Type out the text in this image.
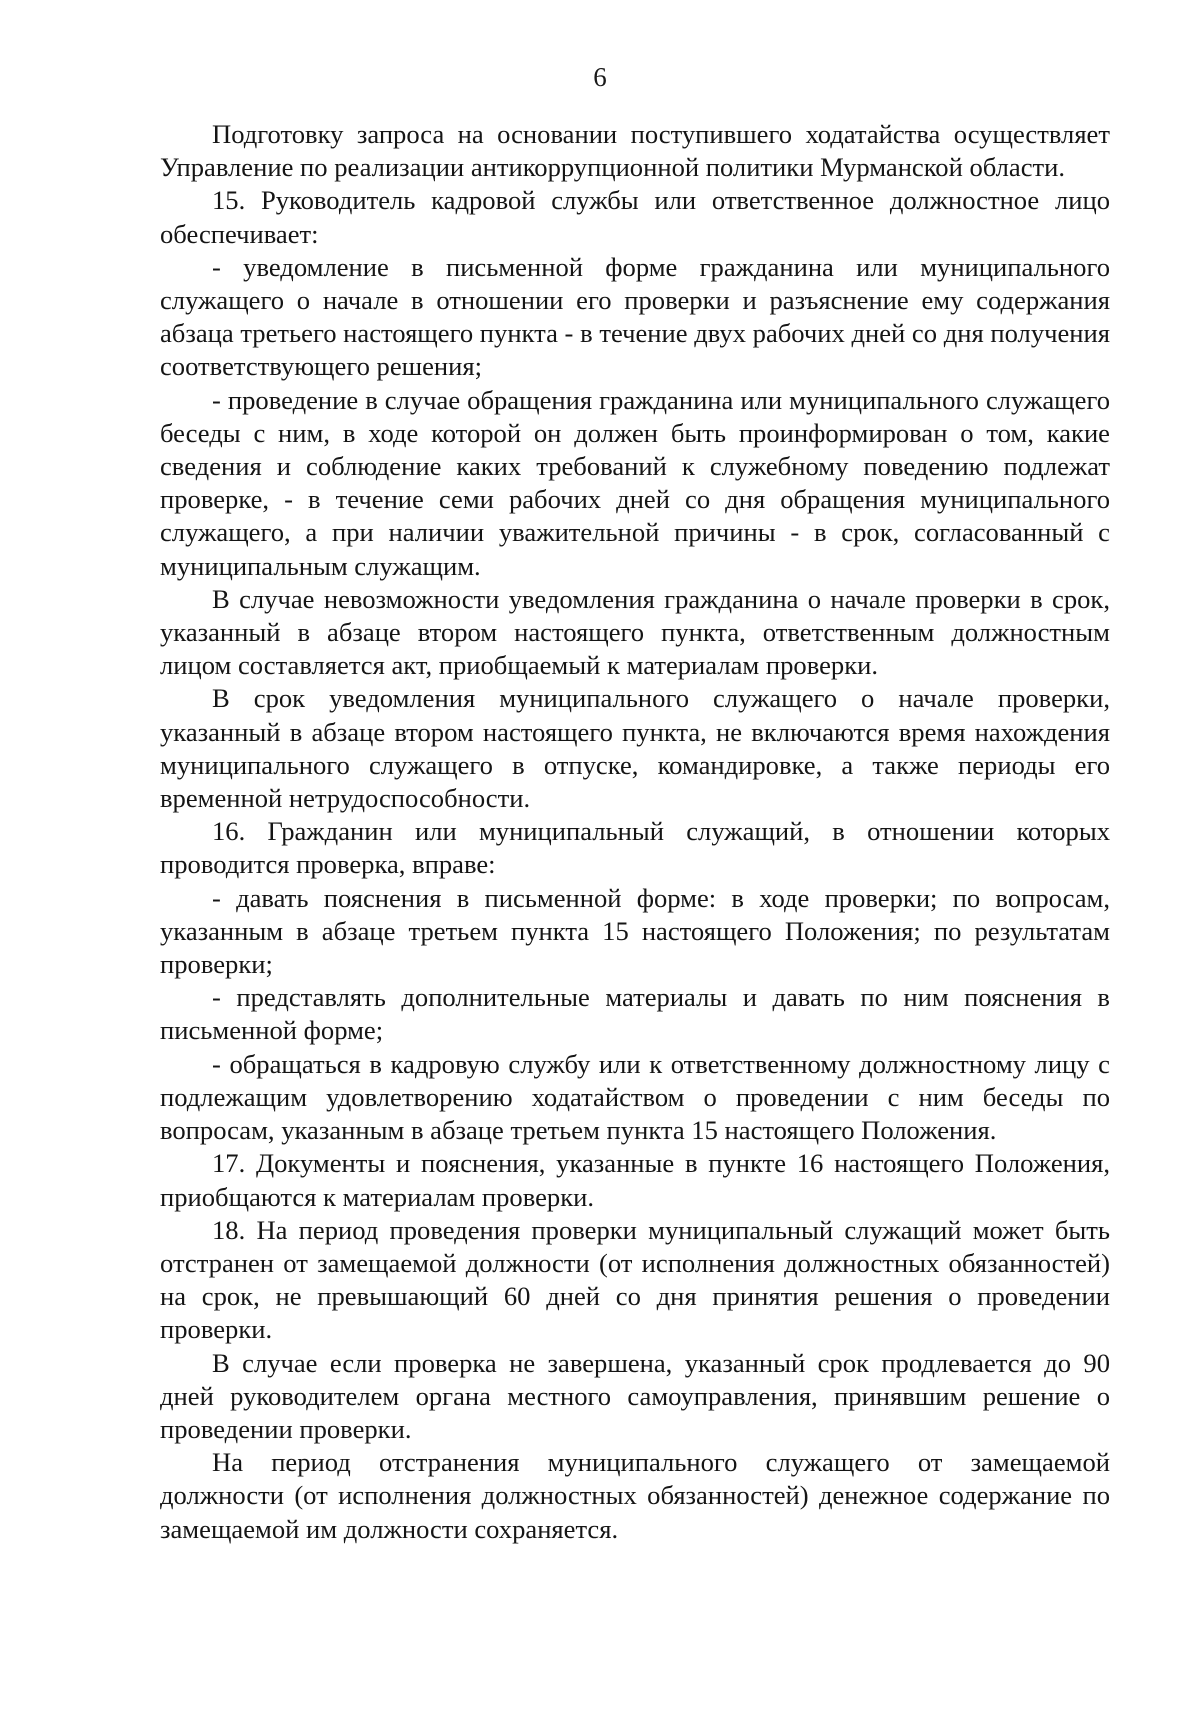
6

Подготовку запроса на основании поступившего ходатайства осуществляет Управление по реализации антикоррупционной политики Мурманской области.

15. Руководитель кадровой службы или ответственное должностное лицо обеспечивает:

- уведомление в письменной форме гражданина или муниципального служащего о начале в отношении его проверки и разъяснение ему содержания абзаца третьего настоящего пункта - в течение двух рабочих дней со дня получения соответствующего решения;

- проведение в случае обращения гражданина или муниципального служащего беседы с ним, в ходе которой он должен быть проинформирован о том, какие сведения и соблюдение каких требований к служебному поведению подлежат проверке, - в течение семи рабочих дней со дня обращения муниципального служащего, а при наличии уважительной причины - в срок, согласованный с муниципальным служащим.

В случае невозможности уведомления гражданина о начале проверки в срок, указанный в абзаце втором настоящего пункта, ответственным должностным лицом составляется акт, приобщаемый к материалам проверки.

В срок уведомления муниципального служащего о начале проверки, указанный в абзаце втором настоящего пункта, не включаются время нахождения муниципального служащего в отпуске, командировке, а также периоды его временной нетрудоспособности.

16. Гражданин или муниципальный служащий, в отношении которых проводится проверка, вправе:

- давать пояснения в письменной форме: в ходе проверки; по вопросам, указанным в абзаце третьем пункта 15 настоящего Положения; по результатам проверки;

- представлять дополнительные материалы и давать по ним пояснения в письменной форме;

- обращаться в кадровую службу или к ответственному должностному лицу с подлежащим удовлетворению ходатайством о проведении с ним беседы по вопросам, указанным в абзаце третьем пункта 15 настоящего Положения.

17. Документы и пояснения, указанные в пункте 16 настоящего Положения, приобщаются к материалам проверки.

18. На период проведения проверки муниципальный служащий может быть отстранен от замещаемой должности (от исполнения должностных обязанностей) на срок, не превышающий 60 дней со дня принятия решения о проведении проверки.

В случае если проверка не завершена, указанный срок продлевается до 90 дней руководителем органа местного самоуправления, принявшим решение о проведении проверки.

На период отстранения муниципального служащего от замещаемой должности (от исполнения должностных обязанностей) денежное содержание по замещаемой им должности сохраняется.
